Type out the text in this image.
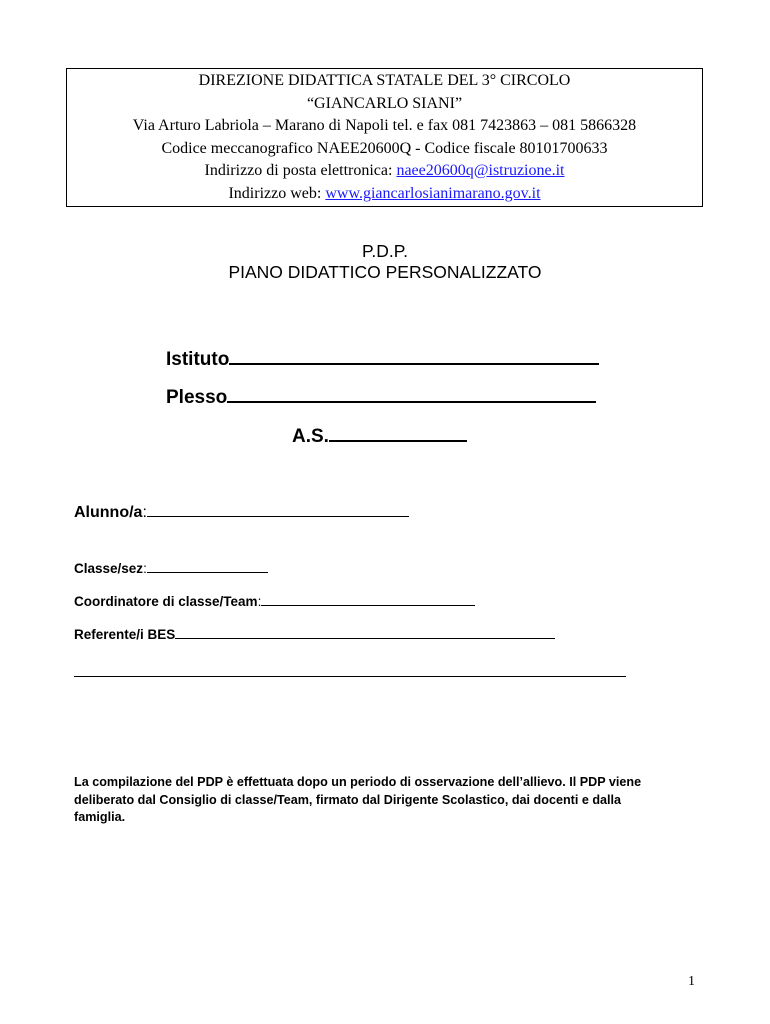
DIREZIONE DIDATTICA STATALE DEL 3° CIRCOLO
“GIANCARLO SIANI”
Via Arturo Labriola – Marano di Napoli tel. e fax 081 7423863 – 081 5866328
Codice meccanografico NAEE20600Q - Codice fiscale 80101700633
Indirizzo di posta elettronica: naee20600q@istruzione.it
Indirizzo web: www.giancarlosianimarano.gov.it
P.D.P.
PIANO DIDATTICO PERSONALIZZATO
Istituto
Plesso
A.S.
Alunno/a:
Classe/sez:
Coordinatore di classe/Team:
Referente/i BES
La compilazione del PDP è effettuata dopo un periodo di osservazione dell’allievo. Il PDP viene deliberato dal Consiglio di classe/Team, firmato dal Dirigente Scolastico, dai docenti e dalla famiglia.
1
